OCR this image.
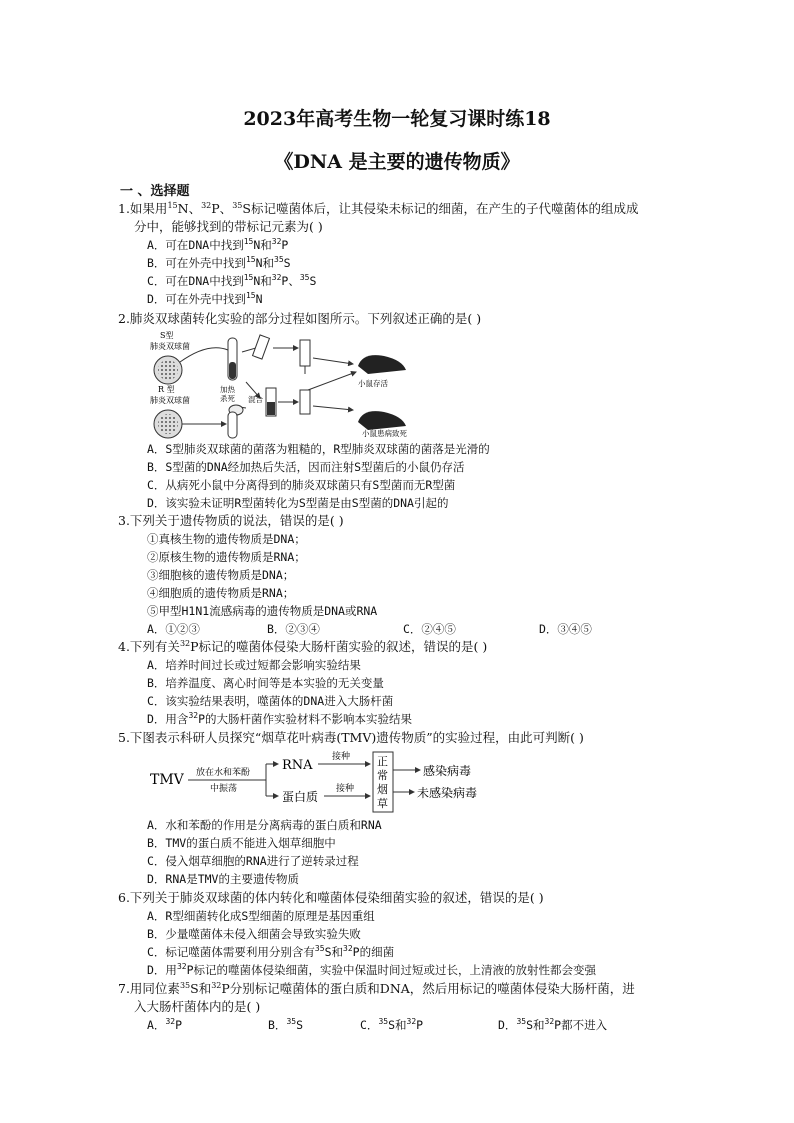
2023年高考生物一轮复习课时练18
《DNA 是主要的遗传物质》
一 、选择题
1.如果用$^{15}$N、$^{32}$P、$^{35}$S标记噬菌体后，让其侵染未标记的细菌，在产生的子代噬菌体的组成成
分中，能够找到的带标记元素为( )
A．可在DNA中找到$^{15}$N和$^{32}$P
B．可在外壳中找到$^{15}$N和$^{35}$S
C．可在DNA中找到$^{15}$N和$^{32}$P、$^{35}$S
D．可在外壳中找到$^{15}$N
2.肺炎双球菌转化实验的部分过程如图所示。下列叙述正确的是( )
S型
肺炎双球菌
加热
杀死
小鼠存活
R 型
肺炎双球菌	混合
小鼠患病致死
A．S型肺炎双球菌的菌落为粗糙的，R型肺炎双球菌的菌落是光滑的
B．S型菌的DNA经加热后失活，因而注射S型菌后的小鼠仍存活
C．从病死小鼠中分离得到的肺炎双球菌只有S型菌而无R型菌
D．该实验未证明R型菌转化为S型菌是由S型菌的DNA引起的
3.下列关于遗传物质的说法，错误的是( )
①真核生物的遗传物质是DNA；
②原核生物的遗传物质是RNA；
③细胞核的遗传物质是DNA；
④细胞质的遗传物质是RNA；
⑤甲型H1N1流感病毒的遗传物质是DNA或RNA
A．①②③	B．②③④	C．②④⑤	D．③④⑤
4.下列有关$^{32}$P标记的噬菌体侵染大肠杆菌实验的叙述，错误的是( )
A．培养时间过长或过短都会影响实验结果
B．培养温度、离心时间等是本实验的无关变量
C．该实验结果表明，噬菌体的DNA进入大肠杆菌
D．用含$^{32}$P的大肠杆菌作实验材料不影响本实验结果
5.下图表示科研人员探究“烟草花叶病毒(TMV)遗传物质”的实验过程，由此可判断( )
TMV 放在水和苯酚
中振荡
RNA
蛋白质
接种
接种
正
常
烟
草
感染病毒
未感染病毒
A．水和苯酚的作用是分离病毒的蛋白质和RNA
B．TMV的蛋白质不能进入烟草细胞中
C．侵入烟草细胞的RNA进行了逆转录过程
D．RNA是TMV的主要遗传物质
6.下列关于肺炎双球菌的体内转化和噬菌体侵染细菌实验的叙述，错误的是( )
A．R型细菌转化成S型细菌的原理是基因重组
B．少量噬菌体未侵入细菌会导致实验失败
C．标记噬菌体需要利用分别含有$^{35}$S和$^{32}$P的细菌
D．用$^{32}$P标记的噬菌体侵染细菌，实验中保温时间过短或过长，上清液的放射性都会变强
7.用同位素$^{35}$S和$^{32}$P分别标记噬菌体的蛋白质和DNA，然后用标记的噬菌体侵染大肠杆菌，进
入大肠杆菌体内的是( )
A．$^{32}$P	B．$^{35}$S	C．$^{35}$S和$^{32}$P	D．$^{35}$S和$^{32}$P都不进入
